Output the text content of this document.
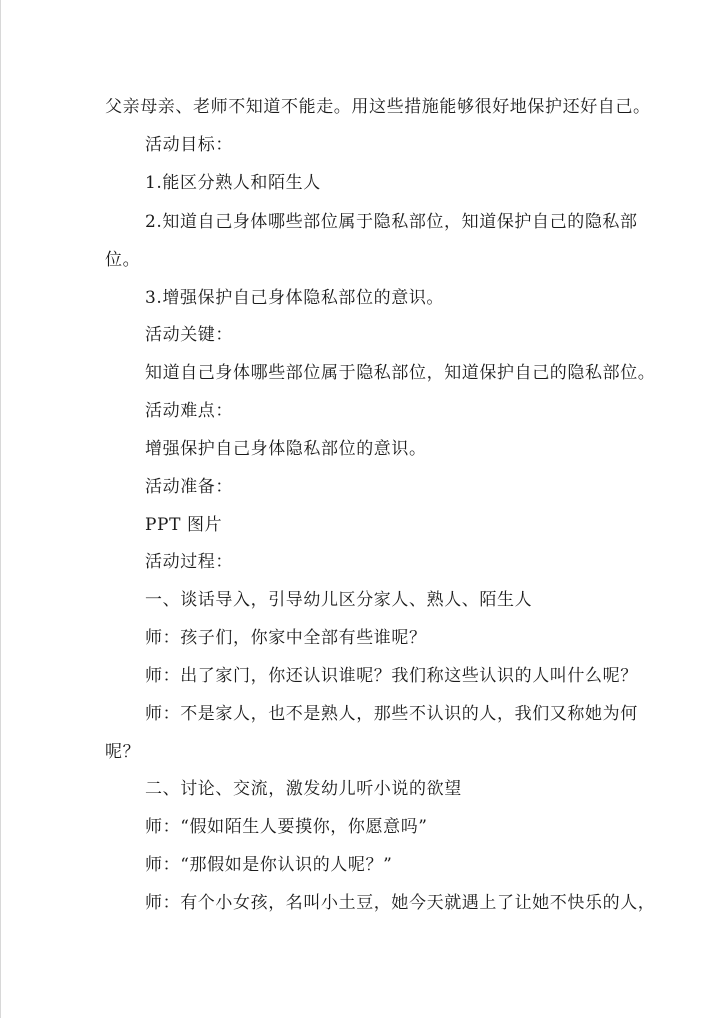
父亲母亲、老师不知道不能走。用这些措施能够很好地保护还好自己。
活动目标：
1.能区分熟人和陌生人
2.知道自己身体哪些部位属于隐私部位，知道保护自己的隐私部
位。
3.增强保护自己身体隐私部位的意识。
活动关键：
知道自己身体哪些部位属于隐私部位，知道保护自己的隐私部位。
活动难点：
增强保护自己身体隐私部位的意识。
活动准备：
PPT 图片
活动过程：
一、谈话导入，引导幼儿区分家人、熟人、陌生人
师：孩子们，你家中全部有些谁呢？
师：出了家门，你还认识谁呢？我们称这些认识的人叫什么呢？
师：不是家人，也不是熟人，那些不认识的人，我们又称她为何
呢？
二、讨论、交流，激发幼儿听小说的欲望
师：“假如陌生人要摸你，你愿意吗”
师：“那假如是你认识的人呢？”
师：有个小女孩，名叫小土豆，她今天就遇上了让她不快乐的人，
